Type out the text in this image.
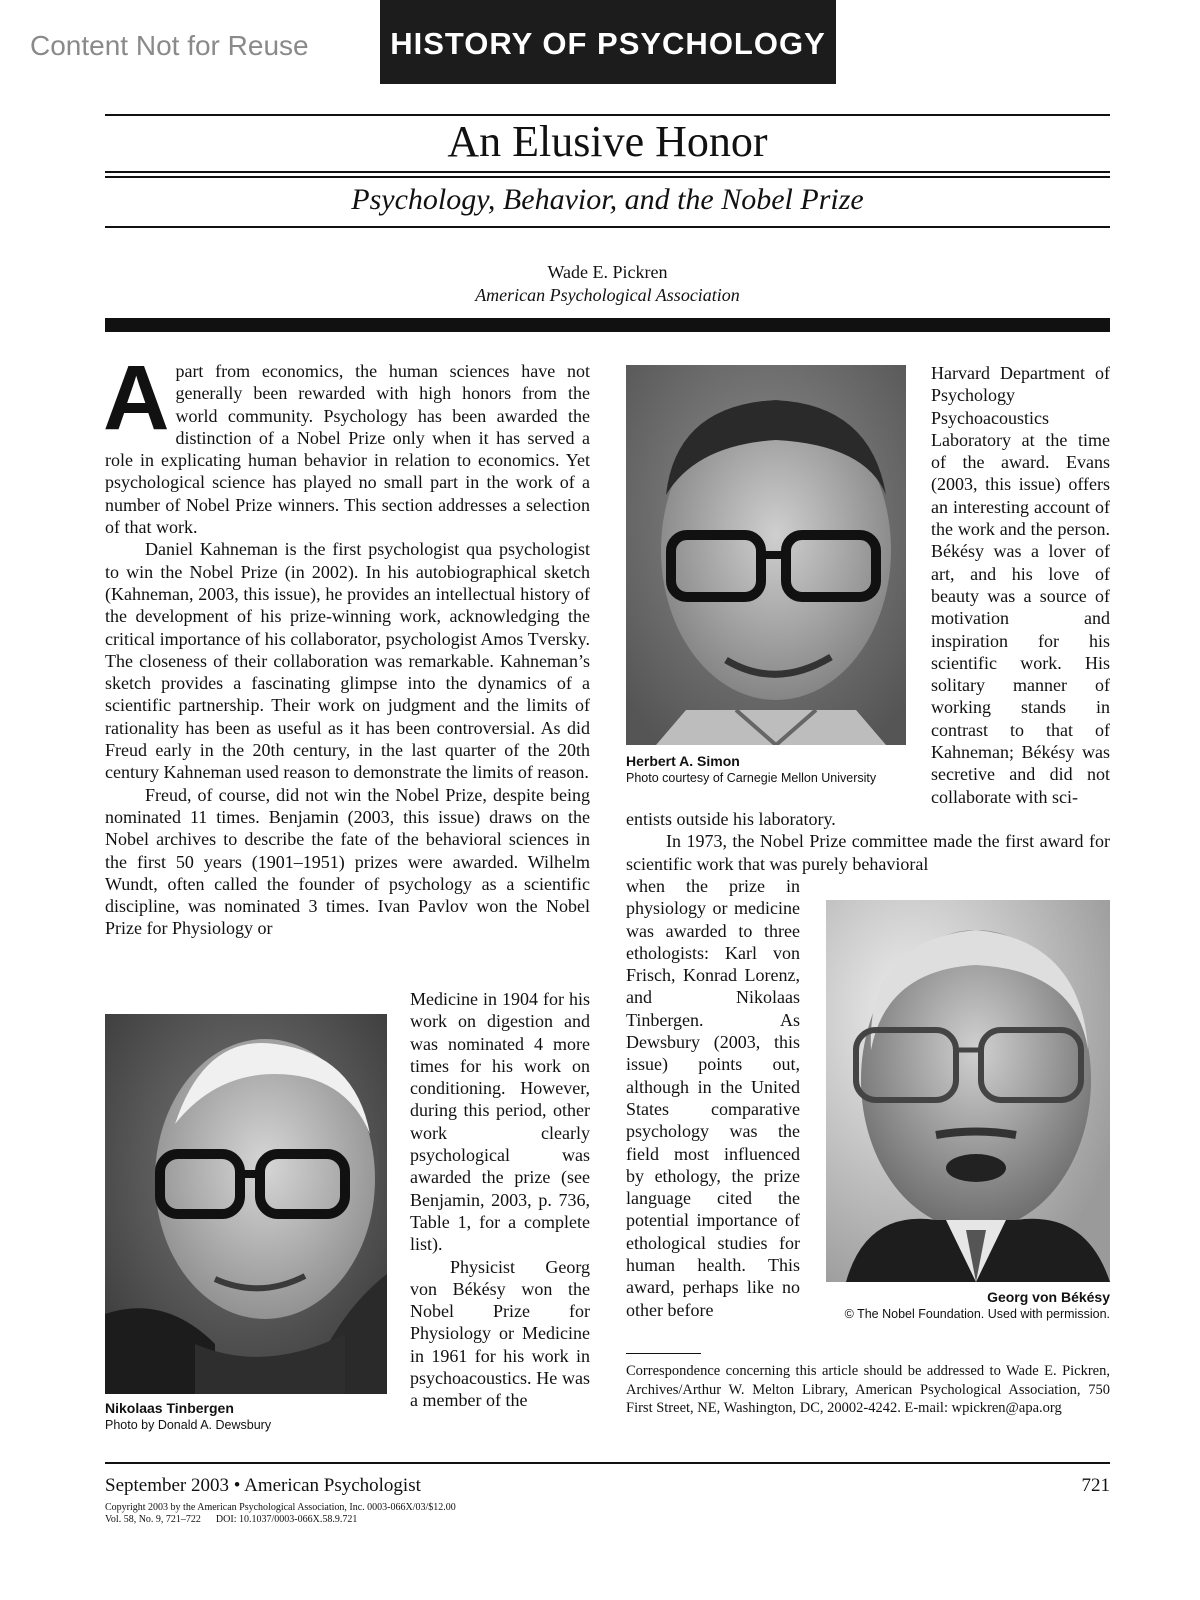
Content Not for Reuse	HISTORY OF PSYCHOLOGY
An Elusive Honor
Psychology, Behavior, and the Nobel Prize
Wade E. Pickren
American Psychological Association

Apart from economics, the human sciences have not generally been rewarded with high honors from the world community. Psychology has been awarded the distinction of a Nobel Prize only when it has served a role in explicating human behavior in relation to economics. Yet psychological science has played no small part in the work of a number of Nobel Prize winners. This section addresses a selection of that work.

Daniel Kahneman is the first psychologist qua psychologist to win the Nobel Prize (in 2002). In his autobiographical sketch (Kahneman, 2003, this issue), he provides an intellectual history of the development of his prize-winning work, acknowledging the critical importance of his collaborator, psychologist Amos Tversky. The closeness of their collaboration was remarkable. Kahneman’s sketch provides a fascinating glimpse into the dynamics of a scientific partnership. Their work on judgment and the limits of rationality has been as useful as it has been controversial. As did Freud early in the 20th century, in the last quarter of the 20th century Kahneman used reason to demonstrate the limits of reason.

Freud, of course, did not win the Nobel Prize, despite being nominated 11 times. Benjamin (2003, this issue) draws on the Nobel archives to describe the fate of the behavioral sciences in the first 50 years (1901–1951) prizes were awarded. Wilhelm Wundt, often called the founder of psychology as a scientific discipline, was nominated 3 times. Ivan Pavlov won the Nobel Prize for Physiology or

Nikolaas Tinbergen
Photo by Donald A. Dewsbury

Medicine in 1904 for his work on digestion and was nominated 4 more times for his work on conditioning. However, during this period, other work clearly psychological was awarded the prize (see Benjamin, 2003, p. 736, Table 1, for a complete list).

Physicist Georg von Békésy won the Nobel Prize for Physiology or Medicine in 1961 for his work in psychoacoustics. He was a member of the

Herbert A. Simon
Photo courtesy of Carnegie Mellon University

Harvard Department of Psychology Psychoacoustics Laboratory at the time of the award. Evans (2003, this issue) offers an interesting account of the work and the person. Békésy was a lover of art, and his love of beauty was a source of motivation and inspiration for his scientific work. His solitary manner of working stands in contrast to that of Kahneman; Békésy was secretive and did not collaborate with sci-

entists outside his laboratory.

In 1973, the Nobel Prize committee made the first award for scientific work that was purely behavioral

when the prize in physiology or medicine was awarded to three ethologists: Karl von Frisch, Konrad Lorenz, and Nikolaas Tinbergen. As Dewsbury (2003, this issue) points out, although in the United States comparative psychology was the field most influenced by ethology, the prize language cited the potential importance of ethological studies for human health. This award, perhaps like no other before

Georg von Békésy
© The Nobel Foundation. Used with permission.
Correspondence concerning this article should be addressed to Wade E. Pickren, Archives/Arthur W. Melton Library, American Psychological Association, 750 First Street, NE, Washington, DC, 20002-4242. E-mail: wpickren@apa.org
September 2003 • American Psychologist	721
Copyright 2003 by the American Psychological Association, Inc. 0003-066X/03/$12.00
Vol. 58, No. 9, 721–722      DOI: 10.1037/0003-066X.58.9.721
